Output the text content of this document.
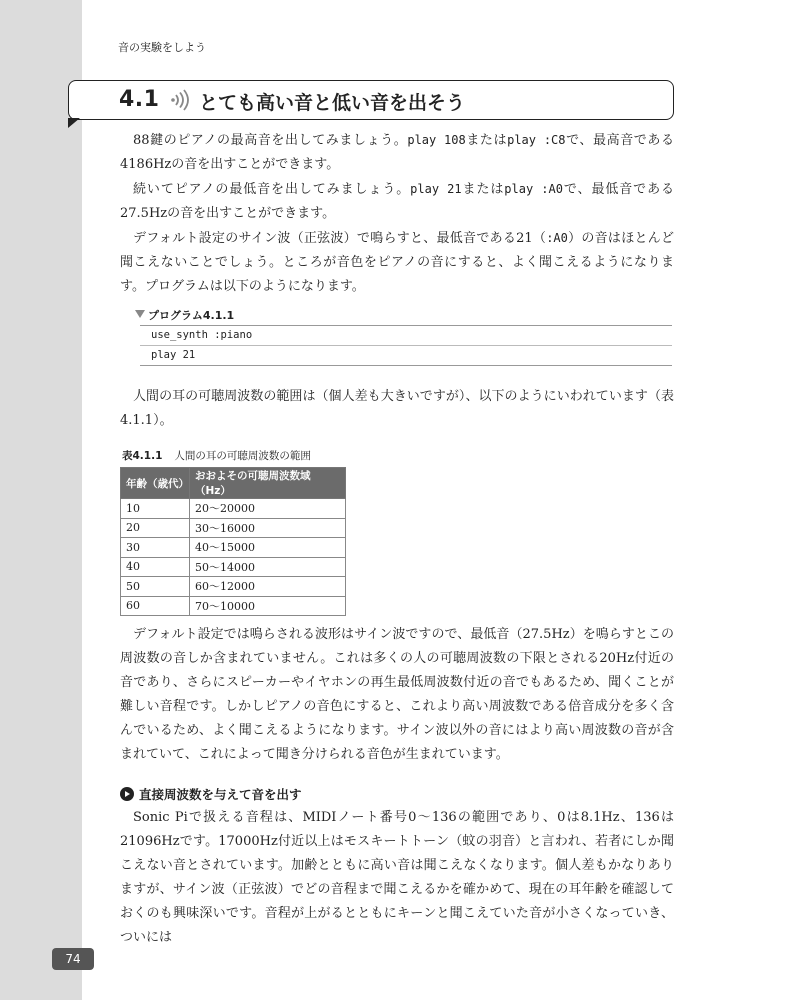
74
音の実験をしよう
4.1 とても高い音と低い音を出そう

88鍵のピアノの最高音を出してみましょう。play 108またはplay :C8で、最高音である4186Hzの音を出すことができます。

続いてピアノの最低音を出してみましょう。play 21またはplay :A0で、最低音である27.5Hzの音を出すことができます。

デフォルト設定のサイン波（正弦波）で鳴らすと、最低音である21（:A0）の音はほとんど聞こえないことでしょう。ところが音色をピアノの音にすると、よく聞こえるようになります。プログラムは以下のようになります。

プログラム4.1.1
use_synth :piano
play 21

人間の耳の可聴周波数の範囲は（個人差も大きいですが）、以下のようにいわれています（表4.1.1）。

表4.1.1 人間の耳の可聴周波数の範囲
年齢（歳代）	おおよその可聴周波数域（Hz）
10	20〜20000
20	30〜16000
30	40〜15000
40	50〜14000
50	60〜12000
60	70〜10000

デフォルト設定では鳴らされる波形はサイン波ですので、最低音（27.5Hz）を鳴らすとこの周波数の音しか含まれていません。これは多くの人の可聴周波数の下限とされる20Hz付近の音であり、さらにスピーカーやイヤホンの再生最低周波数付近の音でもあるため、聞くことが難しい音程です。しかしピアノの音色にすると、これより高い周波数である倍音成分を多く含んでいるため、よく聞こえるようになります。サイン波以外の音にはより高い周波数の音が含まれていて、これによって聞き分けられる音色が生まれています。

直接周波数を与えて音を出す

Sonic Piで扱える音程は、MIDIノート番号0〜136の範囲であり、0は8.1Hz、136は21096Hzです。17000Hz付近以上はモスキートトーン（蚊の羽音）と言われ、若者にしか聞こえない音とされています。加齢とともに高い音は聞こえなくなります。個人差もかなりありますが、サイン波（正弦波）でどの音程まで聞こえるかを確かめて、現在の耳年齢を確認しておくのも興味深いです。音程が上がるとともにキーンと聞こえていた音が小さくなっていき、ついには
